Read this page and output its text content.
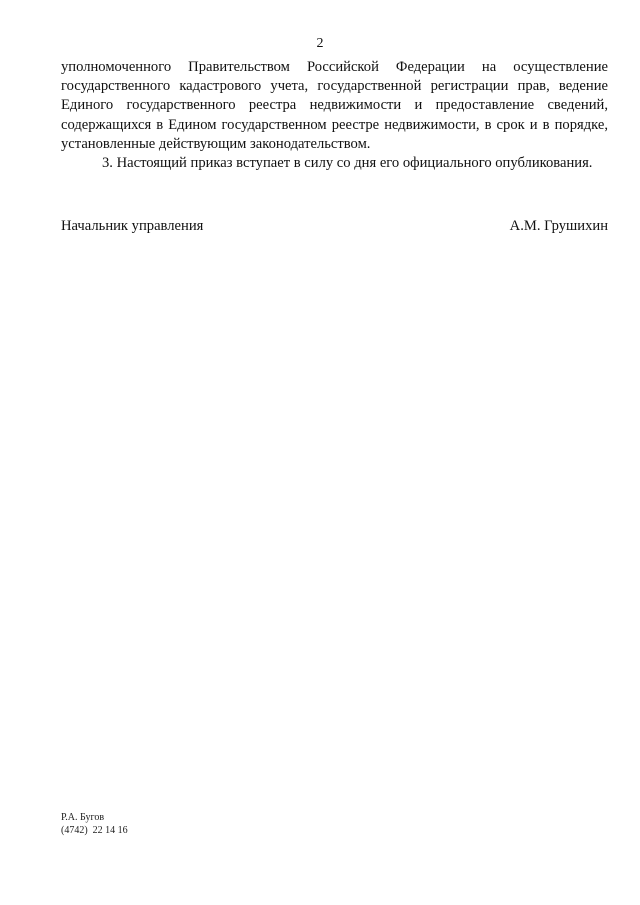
2

уполномоченного Правительством Российской Федерации на осуществление государственного кадастрового учета, государственной регистрации прав, ведение Единого государственного реестра недвижимости и предоставление сведений, содержащихся в Едином государственном реестре недвижимости, в срок и в порядке, установленные действующим законодательством.

3. Настоящий приказ вступает в силу со дня его официального опубликования.

Начальник управления	А.М. Грушихин
Р.А. Бугов
(4742)  22 14 16
